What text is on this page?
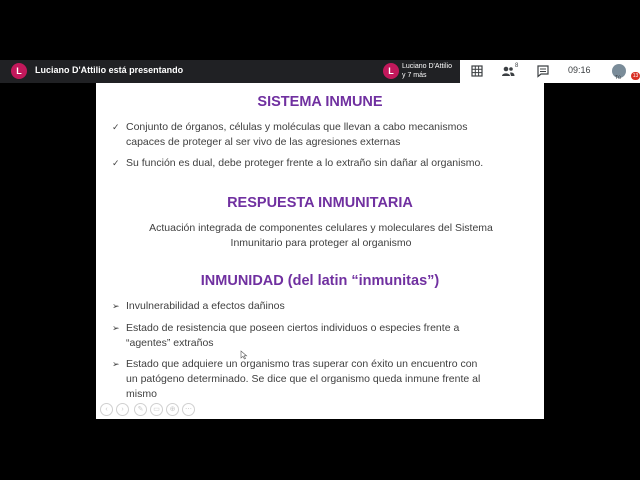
L	Luciano D'Attilio está presentando	L	Luciano D'Attilio
y 7 más
8	09:16
Tú	13
SISTEMA INMUNE
✓ Conjunto de órganos, células y moléculas que llevan a cabo mecanismos
capaces de proteger al ser vivo de las agresiones externas
✓ Su función es dual, debe proteger frente a lo extraño sin dañar al organismo.
RESPUESTA INMUNITARIA
Actuación integrada de componentes celulares y moleculares del Sistema
Inmunitario para proteger al organismo
INMUNIDAD (del latin “inmunitas”)
➢ Invulnerabilidad a efectos dañinos
➢ Estado de resistencia que poseen ciertos individuos o especies frente a
“agentes” extraños
➢ Estado que adquiere un organismo tras superar con éxito un encuentro con
un patógeno determinado. Se dice que el organismo queda inmune frente al
mismo
‹	›	✎	▭	⊕	⋯
